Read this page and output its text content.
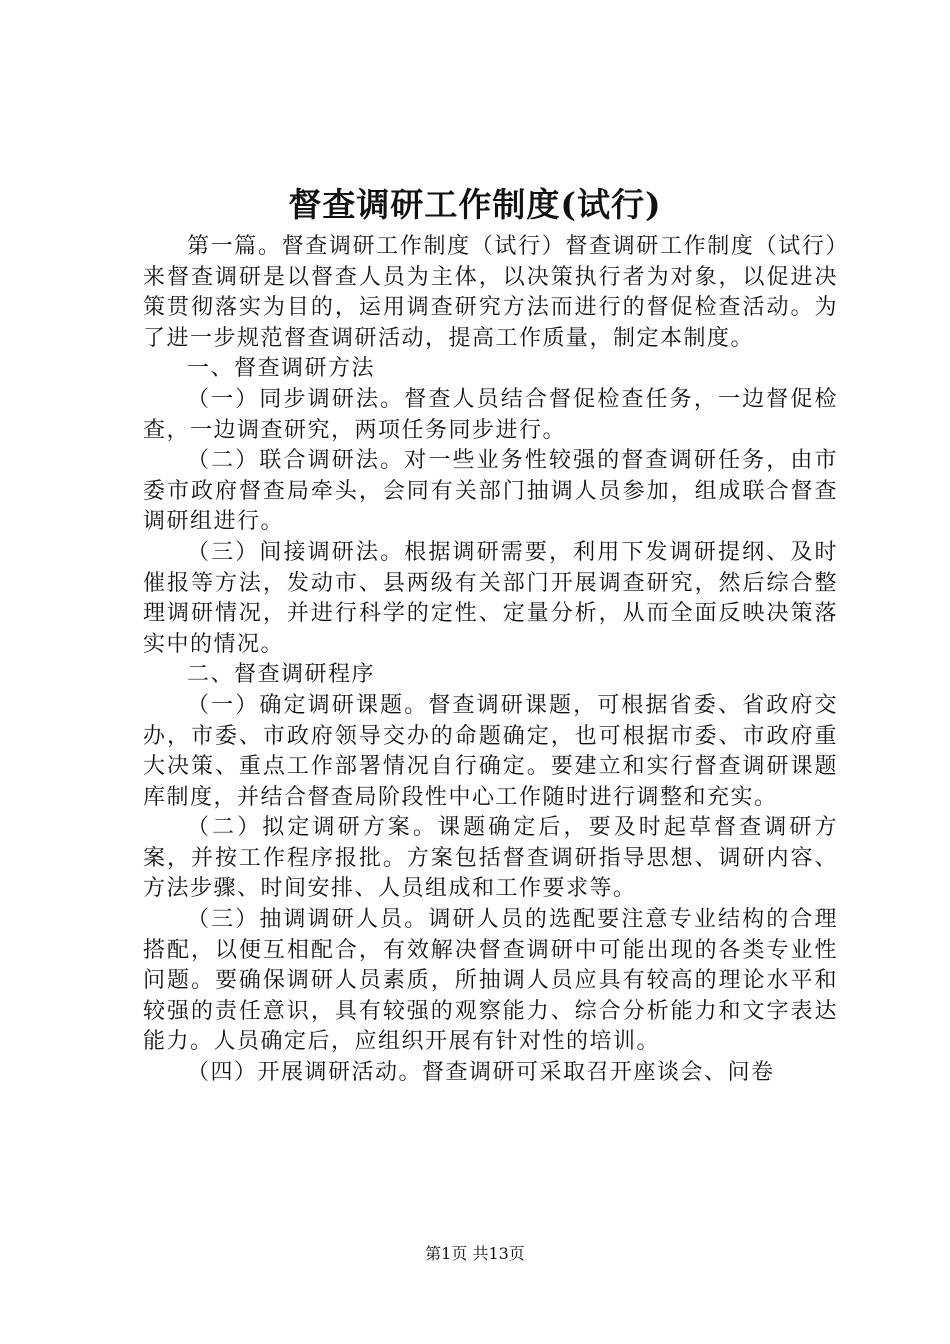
督查调研工作制度(试行)

第一篇。督查调研工作制度（试行）督查调研工作制度（试行）来督查调研是以督查人员为主体，以决策执行者为对象，以促进决策贯彻落实为目的，运用调查研究方法而进行的督促检查活动。为了进一步规范督查调研活动，提高工作质量，制定本制度。

一、督查调研方法

（一）同步调研法。督查人员结合督促检查任务，一边督促检查，一边调查研究，两项任务同步进行。

（二）联合调研法。对一些业务性较强的督查调研任务，由市委市政府督查局牵头，会同有关部门抽调人员参加，组成联合督查调研组进行。

（三）间接调研法。根据调研需要，利用下发调研提纲、及时催报等方法，发动市、县两级有关部门开展调查研究，然后综合整理调研情况，并进行科学的定性、定量分析，从而全面反映决策落实中的情况。

二、督查调研程序

（一）确定调研课题。督查调研课题，可根据省委、省政府交办，市委、市政府领导交办的命题确定，也可根据市委、市政府重大决策、重点工作部署情况自行确定。要建立和实行督查调研课题库制度，并结合督查局阶段性中心工作随时进行调整和充实。

（二）拟定调研方案。课题确定后，要及时起草督查调研方案，并按工作程序报批。方案包括督查调研指导思想、调研内容、方法步骤、时间安排、人员组成和工作要求等。

（三）抽调调研人员。调研人员的选配要注意专业结构的合理搭配，以便互相配合，有效解决督查调研中可能出现的各类专业性问题。要确保调研人员素质，所抽调人员应具有较高的理论水平和较强的责任意识，具有较强的观察能力、综合分析能力和文字表达能力。人员确定后，应组织开展有针对性的培训。

（四）开展调研活动。督查调研可采取召开座谈会、问卷

第1页 共13页
